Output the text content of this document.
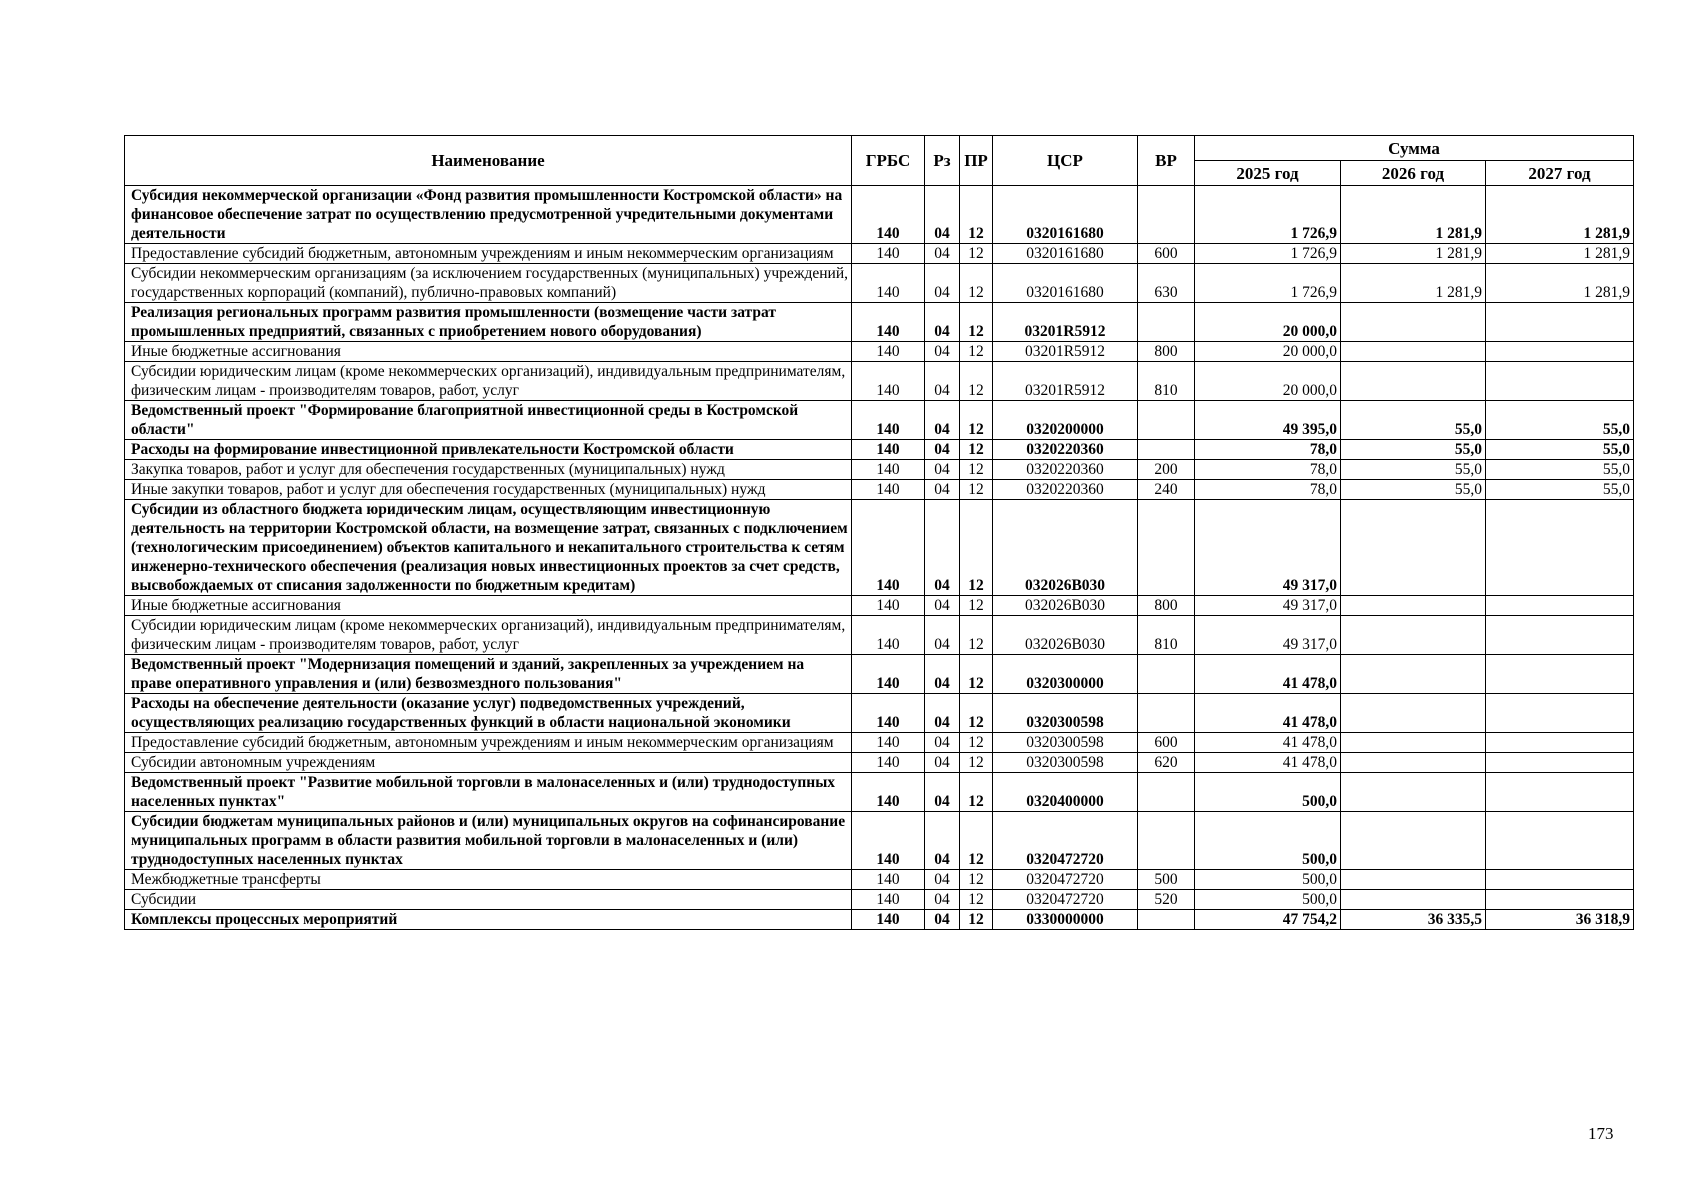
Наименование	ГРБС	Рз	ПР	ЦСР	ВР	Сумма		
						2025 год	2026 год	2027 год
Субсидия некоммерческой организации «Фонд развития промышленности Костромской области» на финансовое обеспечение затрат по осуществлению предусмотренной учредительными документами деятельности	140	04	12	0320161680		1 726,9	1 281,9	1 281,9
Предоставление субсидий бюджетным, автономным учреждениям и иным некоммерческим организациям	140	04	12	0320161680	600	1 726,9	1 281,9	1 281,9
Субсидии некоммерческим организациям (за исключением государственных (муниципальных) учреждений, государственных корпораций (компаний), публично-правовых компаний)	140	04	12	0320161680	630	1 726,9	1 281,9	1 281,9
Реализация региональных программ развития промышленности (возмещение части затрат промышленных предприятий, связанных с приобретением нового оборудования)	140	04	12	03201R5912		20 000,0		
Иные бюджетные ассигнования	140	04	12	03201R5912	800	20 000,0		
Субсидии юридическим лицам (кроме некоммерческих организаций), индивидуальным предпринимателям, физическим лицам - производителям товаров, работ, услуг	140	04	12	03201R5912	810	20 000,0		
Ведомственный проект "Формирование благоприятной инвестиционной среды в Костромской области"	140	04	12	0320200000		49 395,0	55,0	55,0
Расходы на формирование инвестиционной привлекательности Костромской области	140	04	12	0320220360		78,0	55,0	55,0
Закупка товаров, работ и услуг для обеспечения государственных (муниципальных) нужд	140	04	12	0320220360	200	78,0	55,0	55,0
Иные закупки товаров, работ и услуг для обеспечения государственных (муниципальных) нужд	140	04	12	0320220360	240	78,0	55,0	55,0
Субсидии из областного бюджета юридическим лицам, осуществляющим инвестиционную деятельность на территории Костромской области, на возмещение затрат, связанных с подключением (технологическим присоединением) объектов капитального и некапитального строительства к сетям инженерно-технического обеспечения (реализация новых инвестиционных проектов за счет средств, высвобождаемых от списания задолженности по бюджетным кредитам)	140	04	12	032026B030		49 317,0		
Иные бюджетные ассигнования	140	04	12	032026B030	800	49 317,0		
Субсидии юридическим лицам (кроме некоммерческих организаций), индивидуальным предпринимателям, физическим лицам - производителям товаров, работ, услуг	140	04	12	032026B030	810	49 317,0		
Ведомственный проект "Модернизация помещений и зданий, закрепленных за учреждением на праве оперативного управления и (или) безвозмездного пользования"	140	04	12	0320300000		41 478,0		
Расходы на обеспечение деятельности (оказание услуг) подведомственных учреждений, осуществляющих реализацию государственных функций в области национальной экономики	140	04	12	0320300598		41 478,0		
Предоставление субсидий бюджетным, автономным учреждениям и иным некоммерческим организациям	140	04	12	0320300598	600	41 478,0		
Субсидии автономным учреждениям	140	04	12	0320300598	620	41 478,0		
Ведомственный проект "Развитие мобильной торговли в малонаселенных и (или) труднодоступных населенных пунктах"	140	04	12	0320400000		500,0		
Субсидии бюджетам муниципальных районов и (или) муниципальных округов на софинансирование муниципальных программ в области развития мобильной торговли в малонаселенных и (или) труднодоступных населенных пунктах	140	04	12	0320472720		500,0		
Межбюджетные трансферты	140	04	12	0320472720	500	500,0		
Субсидии	140	04	12	0320472720	520	500,0		
Комплексы процессных мероприятий	140	04	12	0330000000		47 754,2	36 335,5	36 318,9
173
